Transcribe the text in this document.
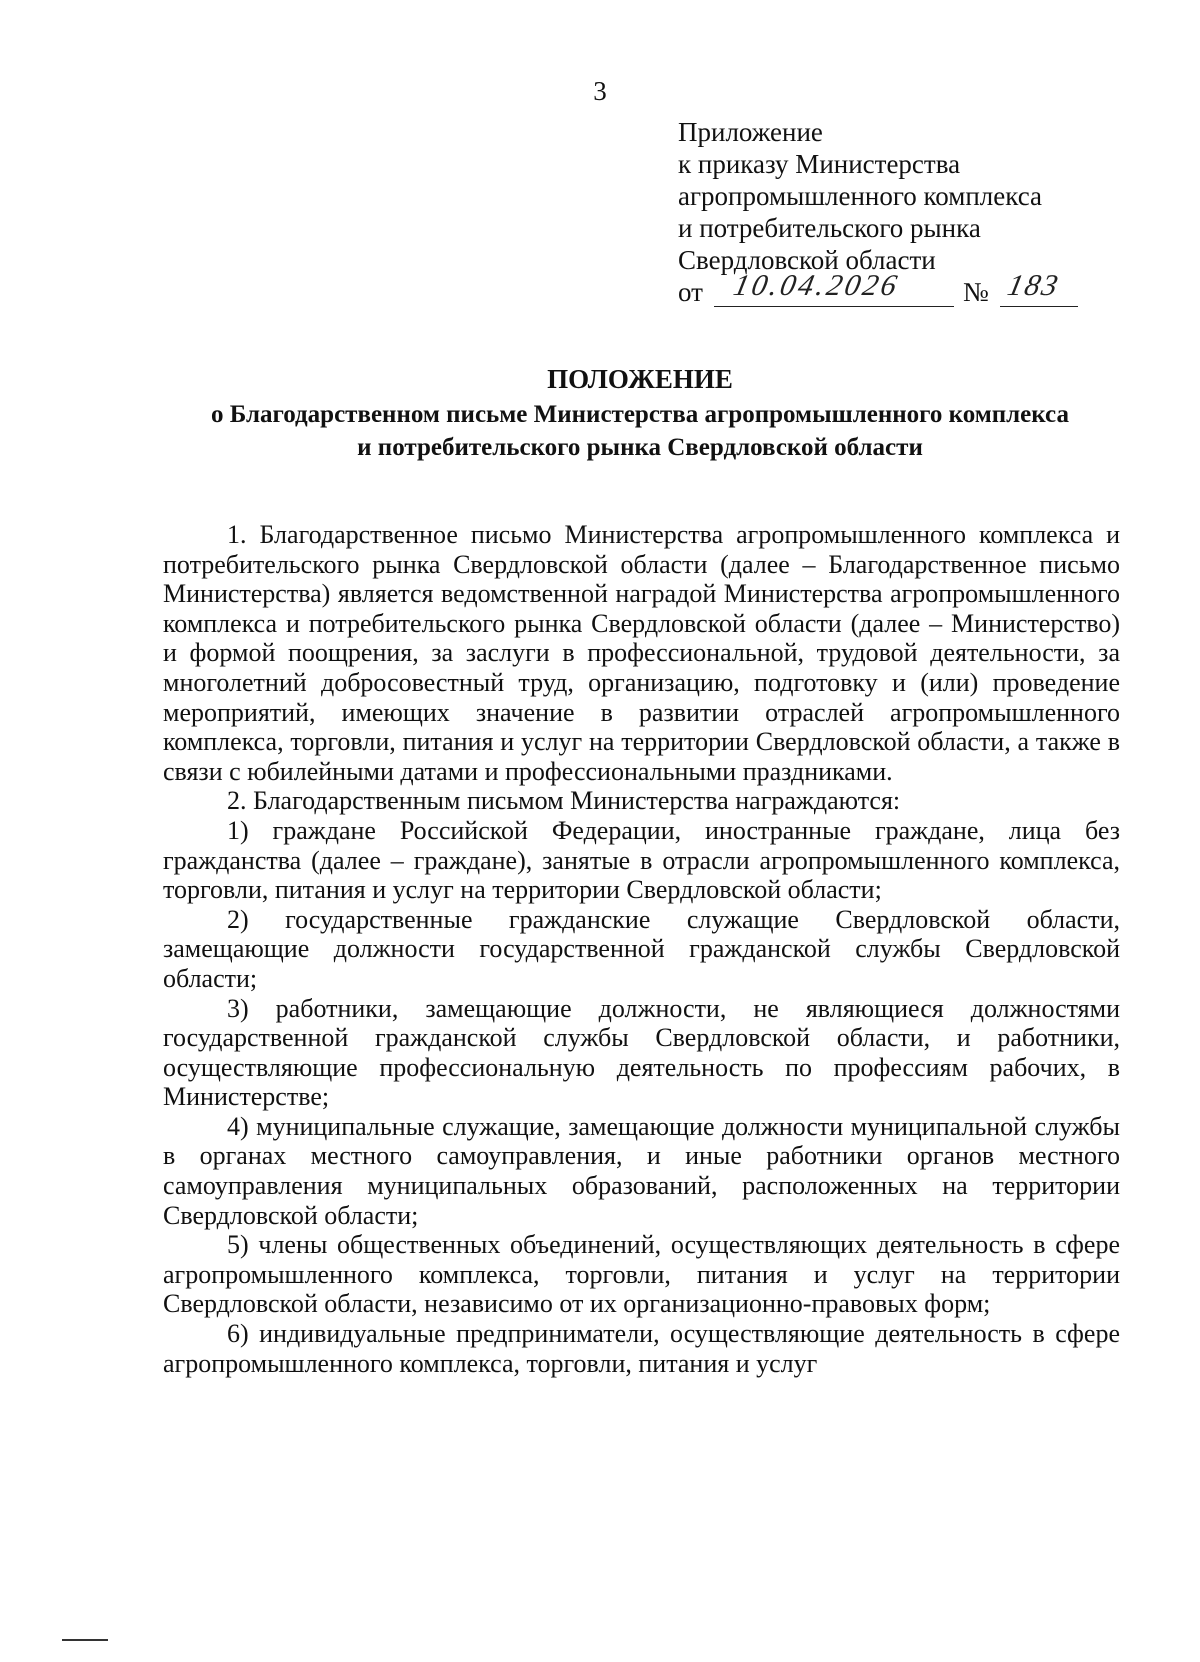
3
Приложение
к приказу Министерства
агропромышленного комплекса
и потребительского рынка
Свердловской области
от 10.04.2026 № 183
ПОЛОЖЕНИЕ
о Благодарственном письме Министерства агропромышленного комплекса
и потребительского рынка Свердловской области

1. Благодарственное письмо Министерства агропромышленного комплекса и потребительского рынка Свердловской области (далее – Благодарственное письмо Министерства) является ведомственной наградой Министерства агропромышленного комплекса и потребительского рынка Свердловской области (далее – Министерство) и формой поощрения, за заслуги в профессиональной, трудовой деятельности, за многолетний добросовестный труд, организацию, подготовку и (или) проведение мероприятий, имеющих значение в развитии отраслей агропромышленного комплекса, торговли, питания и услуг на территории Свердловской области, а также в связи с юбилейными датами и профессиональными праздниками.

2. Благодарственным письмом Министерства награждаются:

1) граждане Российской Федерации, иностранные граждане, лица без гражданства (далее – граждане), занятые в отрасли агропромышленного комплекса, торговли, питания и услуг на территории Свердловской области;

2) государственные гражданские служащие Свердловской области, замещающие должности государственной гражданской службы Свердловской области;

3) работники, замещающие должности, не являющиеся должностями государственной гражданской службы Свердловской области, и работники, осуществляющие профессиональную деятельность по профессиям рабочих, в Министерстве;

4) муниципальные служащие, замещающие должности муниципальной службы в органах местного самоуправления, и иные работники органов местного самоуправления муниципальных образований, расположенных на территории Свердловской области;

5) члены общественных объединений, осуществляющих деятельность в сфере агропромышленного комплекса, торговли, питания и услуг на территории Свердловской области, независимо от их организационно-правовых форм;

6) индивидуальные предприниматели, осуществляющие деятельность в сфере агропромышленного комплекса, торговли, питания и услуг
